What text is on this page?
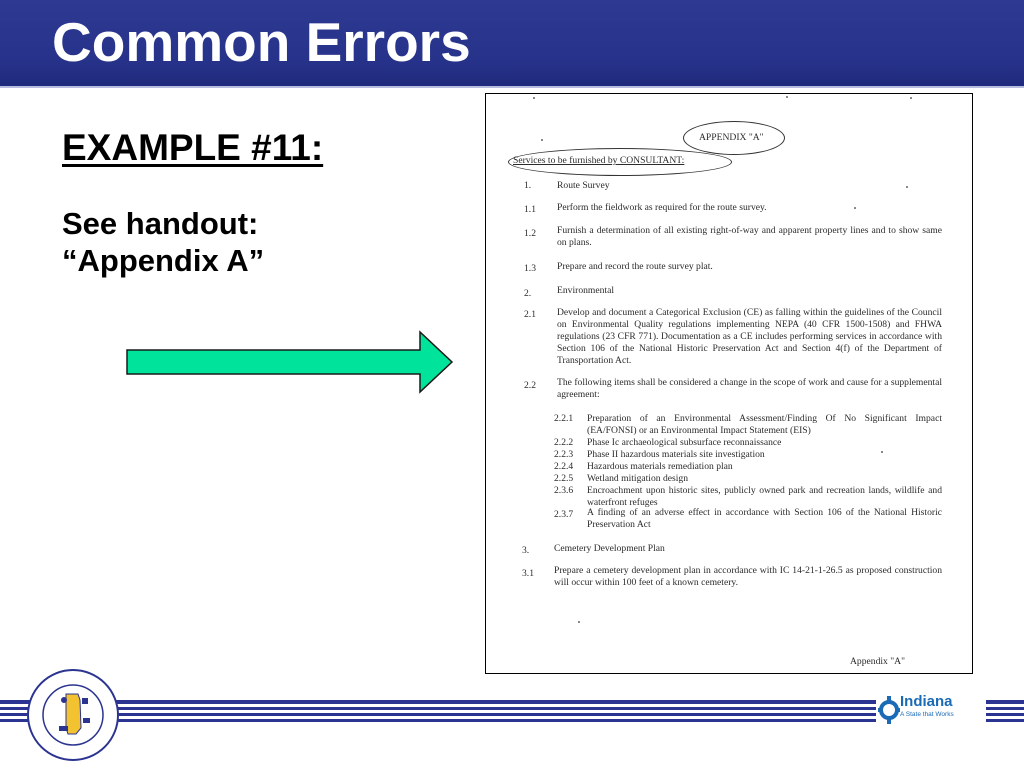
Common Errors
EXAMPLE #11:
See handout:
“Appendix A”
APPENDIX "A"
Services to be furnished by CONSULTANT:
1.	Route Survey
1.1 Perform the fieldwork as required for the route survey.
1.2 Furnish a determination of all existing right-of-way and apparent property lines and to show same on plans.
1.3 Prepare and record the route survey plat.
2.	Environmental
2.1 Develop and document a Categorical Exclusion (CE) as falling within the guidelines of the Council on Environmental Quality regulations implementing NEPA (40 CFR 1500-1508) and FHWA regulations (23 CFR 771). Documentation as a CE includes performing services in accordance with Section 106 of the National Historic Preservation Act and Section 4(f) of the Department of Transportation Act.
2.2 The following items shall be considered a change in the scope of work and cause for a supplemental agreement:
2.2.1 Preparation of an Environmental Assessment/Finding Of No Significant Impact (EA/FONSI) or an Environmental Impact Statement (EIS)
2.2.2 Phase Ic archaeological subsurface reconnaissance
2.2.3 Phase II hazardous materials site investigation
2.2.4 Hazardous materials remediation plan
2.2.5 Wetland mitigation design
2.3.6 Encroachment upon historic sites, publicly owned park and recreation lands, wildlife and waterfront refuges
2.3.7 A finding of an adverse effect in accordance with Section 106 of the National Historic Preservation Act
3.	Cemetery Development Plan
3.1 Prepare a cemetery development plan in accordance with IC 14-21-1-26.5 as proposed construction will occur within 100 feet of a known cemetery.
Appendix "A"
Indiana
A State that Works
